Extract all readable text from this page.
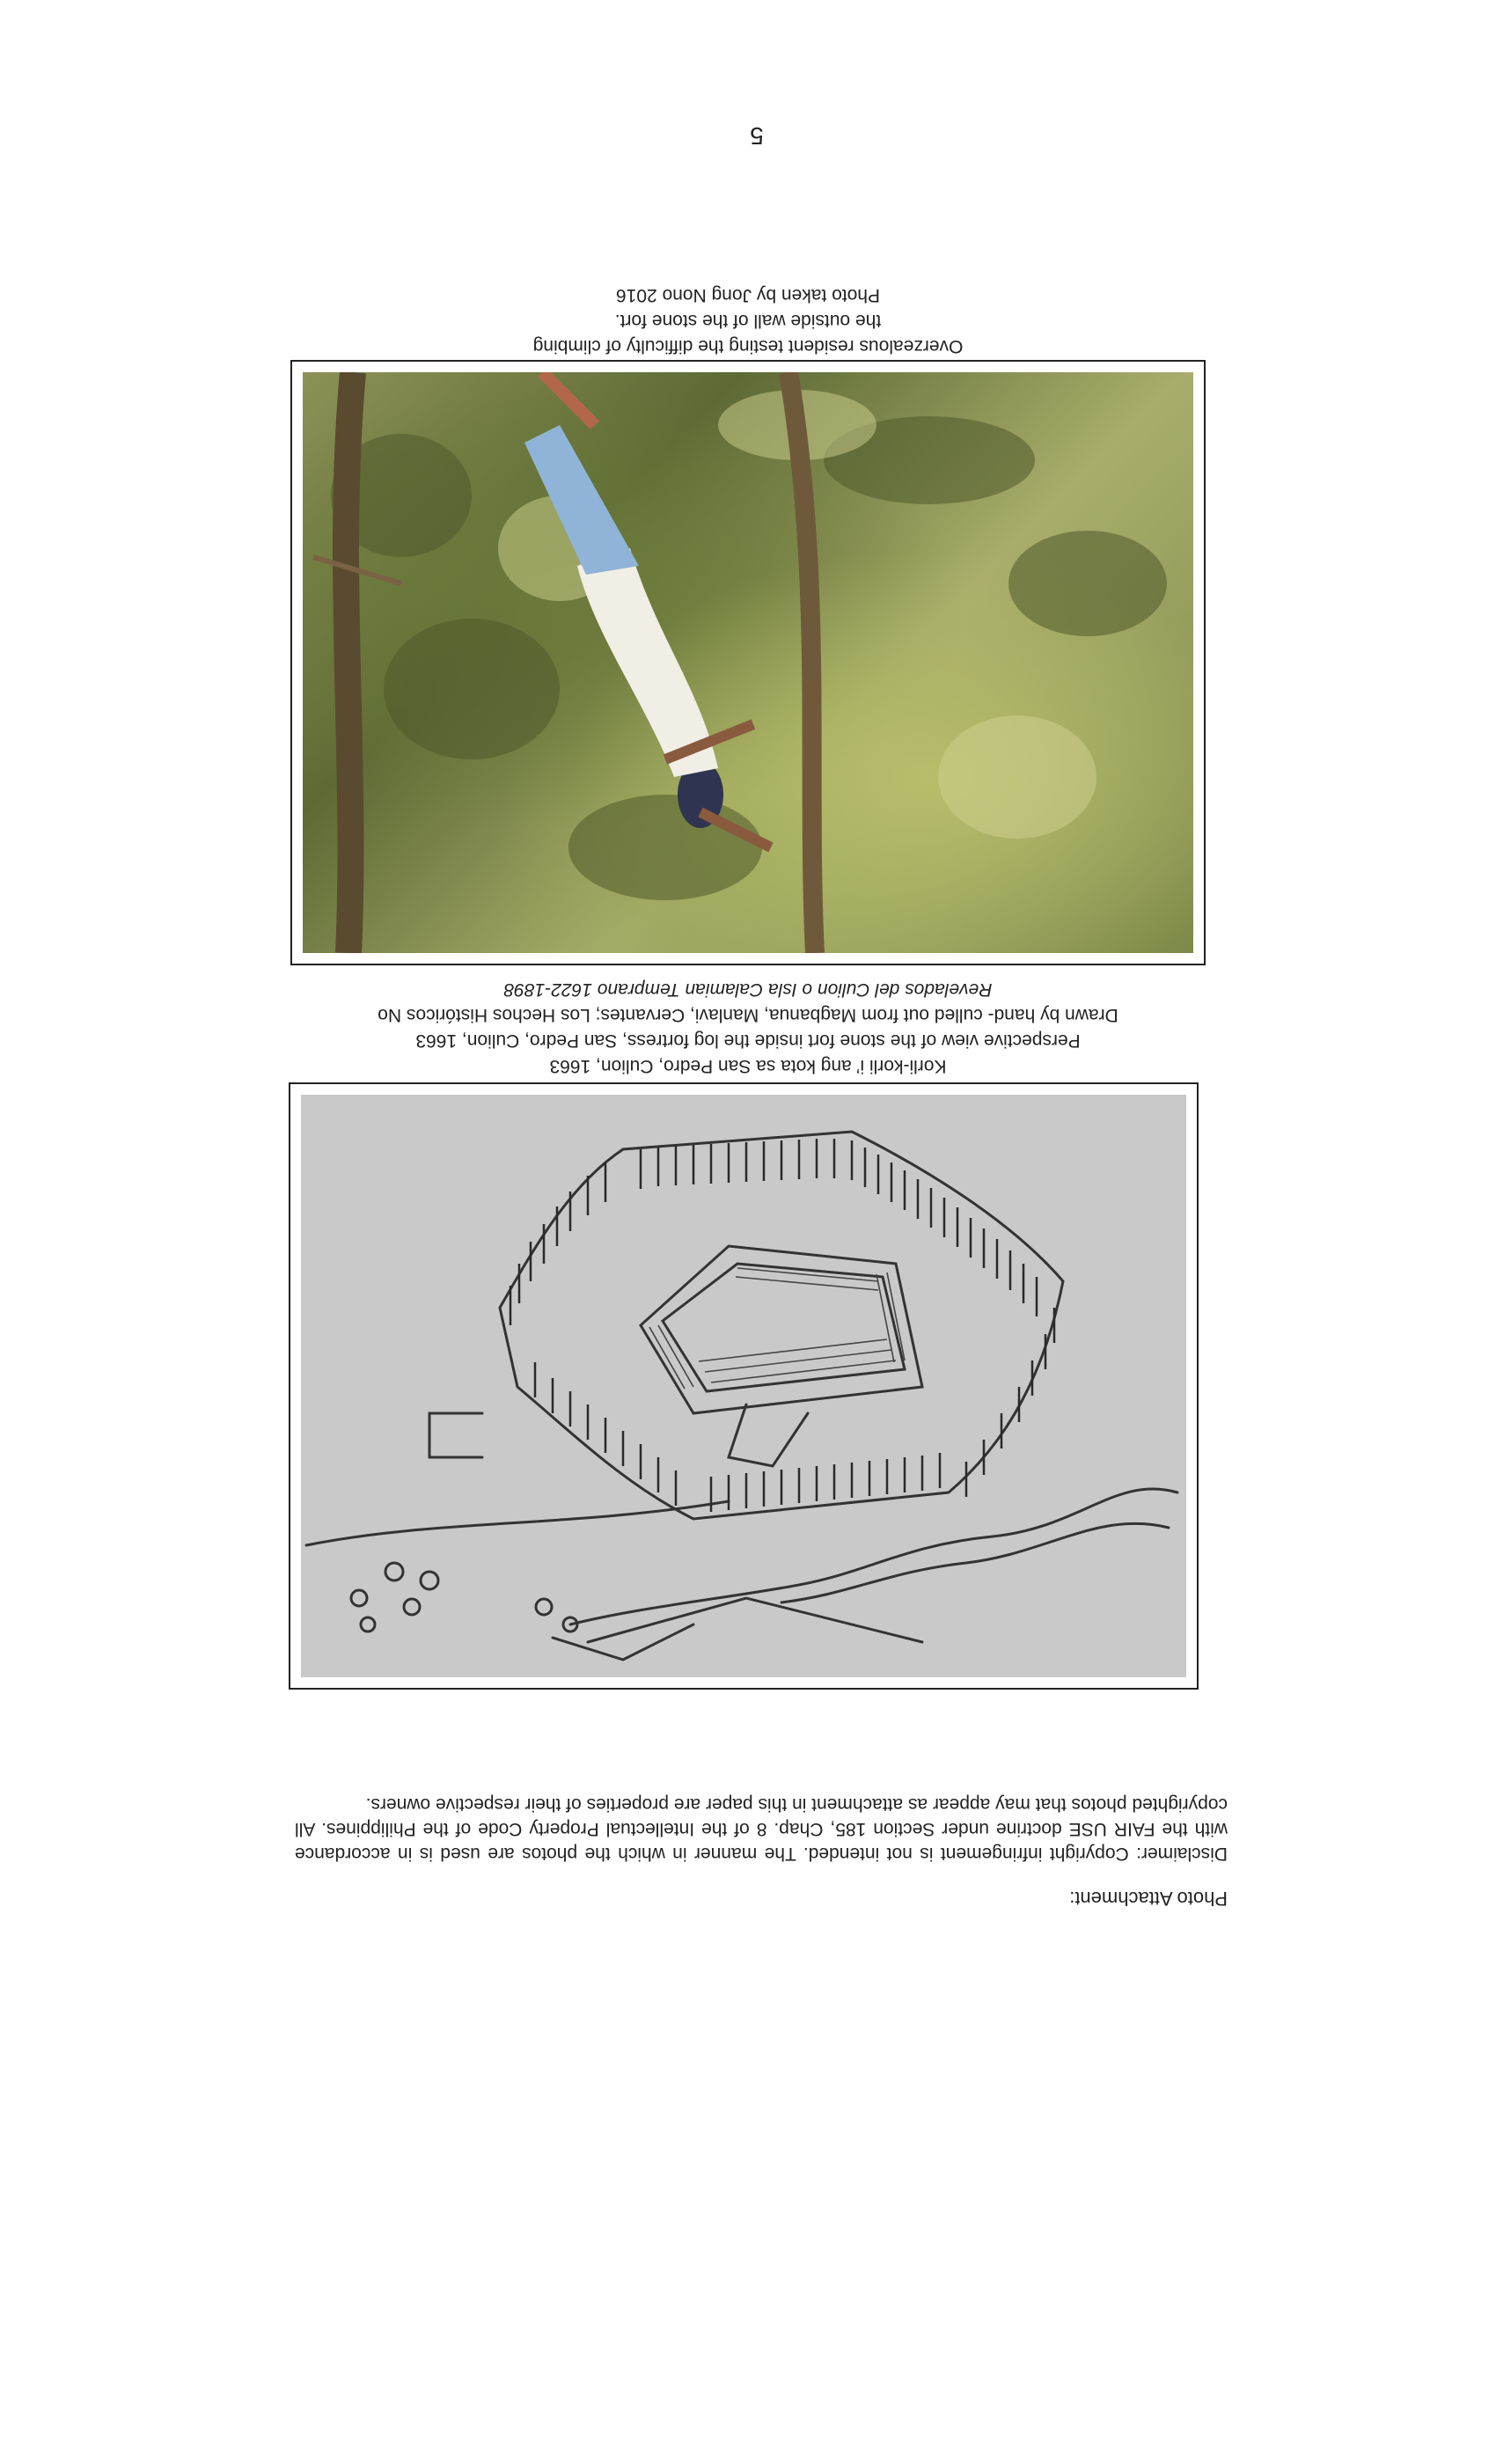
5
Photo Attachment:
Disclaimer: Copyright infringement is not intended. The manner in which the photos are used is in accordance with the FAIR USE doctrine under Section 185, Chap. 8 of the Intellectual Property Code of the Philippines. All copyrighted photos that may appear as attachment in this paper are properties of their respective owners.
Korli-korli i’ ang kota sa San Pedro, Culion, 1663
Perspective view of the stone fort inside the log fortress, San Pedro, Culion, 1663
Drawn by hand- culled out from Magbanua, Manlavi, Cervantes; Los Hechos Históricos No
Revelados del Culion o Isla Calamian Temprano 1622-1898
Overzealous resident testing the difficulty of climbing
the outside wall of the stone fort.
Photo taken by Jong Nono 2016
